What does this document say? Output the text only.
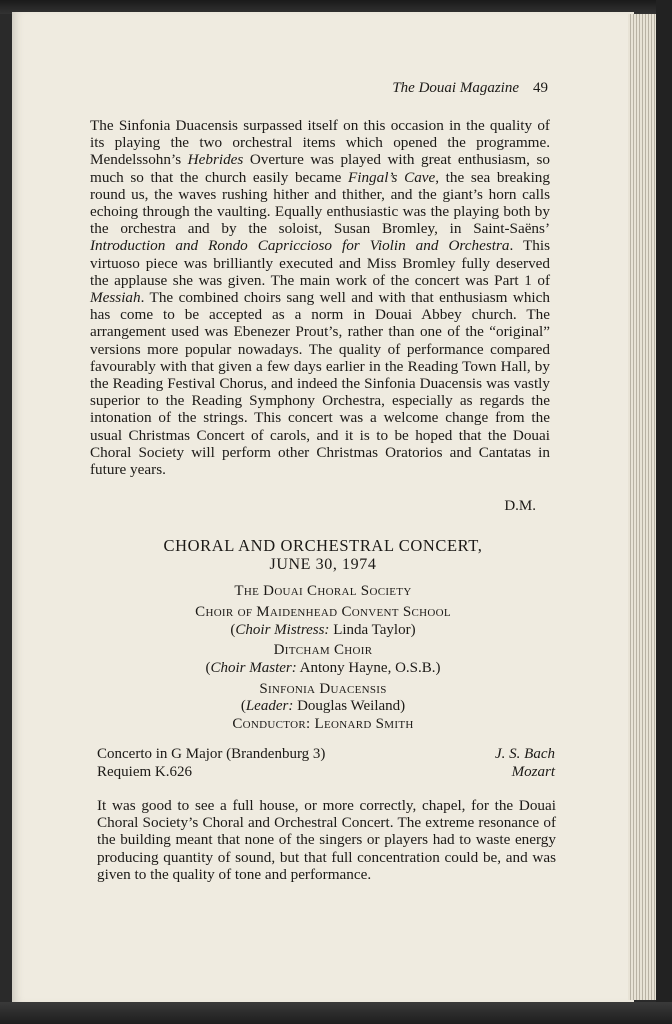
The Douai Magazine 49

The Sinfonia Duacensis surpassed itself on this occasion in the quality of its playing the two orchestral items which opened the programme. Mendelssohn’s Hebrides Overture was played with great enthusiasm, so much so that the church easily became Fingal’s Cave, the sea breaking round us, the waves rushing hither and thither, and the giant’s horn calls echoing through the vaulting. Equally enthusiastic was the playing both by the orchestra and by the soloist, Susan Bromley, in Saint-Saëns’ Introduction and Rondo Capriccioso for Violin and Orchestra. This virtuoso piece was brilliantly executed and Miss Bromley fully deserved the applause she was given. The main work of the concert was Part 1 of Messiah. The combined choirs sang well and with that enthusiasm which has come to be accepted as a norm in Douai Abbey church. The arrangement used was Ebenezer Prout’s, rather than one of the “original” versions more popular nowadays. The quality of performance compared favourably with that given a few days earlier in the Reading Town Hall, by the Reading Festival Chorus, and indeed the Sinfonia Duacensis was vastly superior to the Reading Symphony Orchestra, especially as regards the intonation of the strings. This concert was a welcome change from the usual Christmas Concert of carols, and it is to be hoped that the Douai Choral Society will perform other Christmas Oratorios and Cantatas in future years.

D.M.
CHORAL AND ORCHESTRAL CONCERT,
JUNE 30, 1974
The Douai Choral Society
Choir of Maidenhead Convent School
(Choir Mistress: Linda Taylor)
Ditcham Choir
(Choir Master: Antony Hayne, O.S.B.)
Sinfonia Duacensis
(Leader: Douglas Weiland)
Conductor: Leonard Smith
Concerto in G Major (Brandenburg 3)	J. S. Bach
Requiem K.626	Mozart

It was good to see a full house, or more correctly, chapel, for the Douai Choral Society’s Choral and Orchestral Concert. The extreme resonance of the building meant that none of the singers or players had to waste energy producing quantity of sound, but that full concentration could be, and was given to the quality of tone and performance.
